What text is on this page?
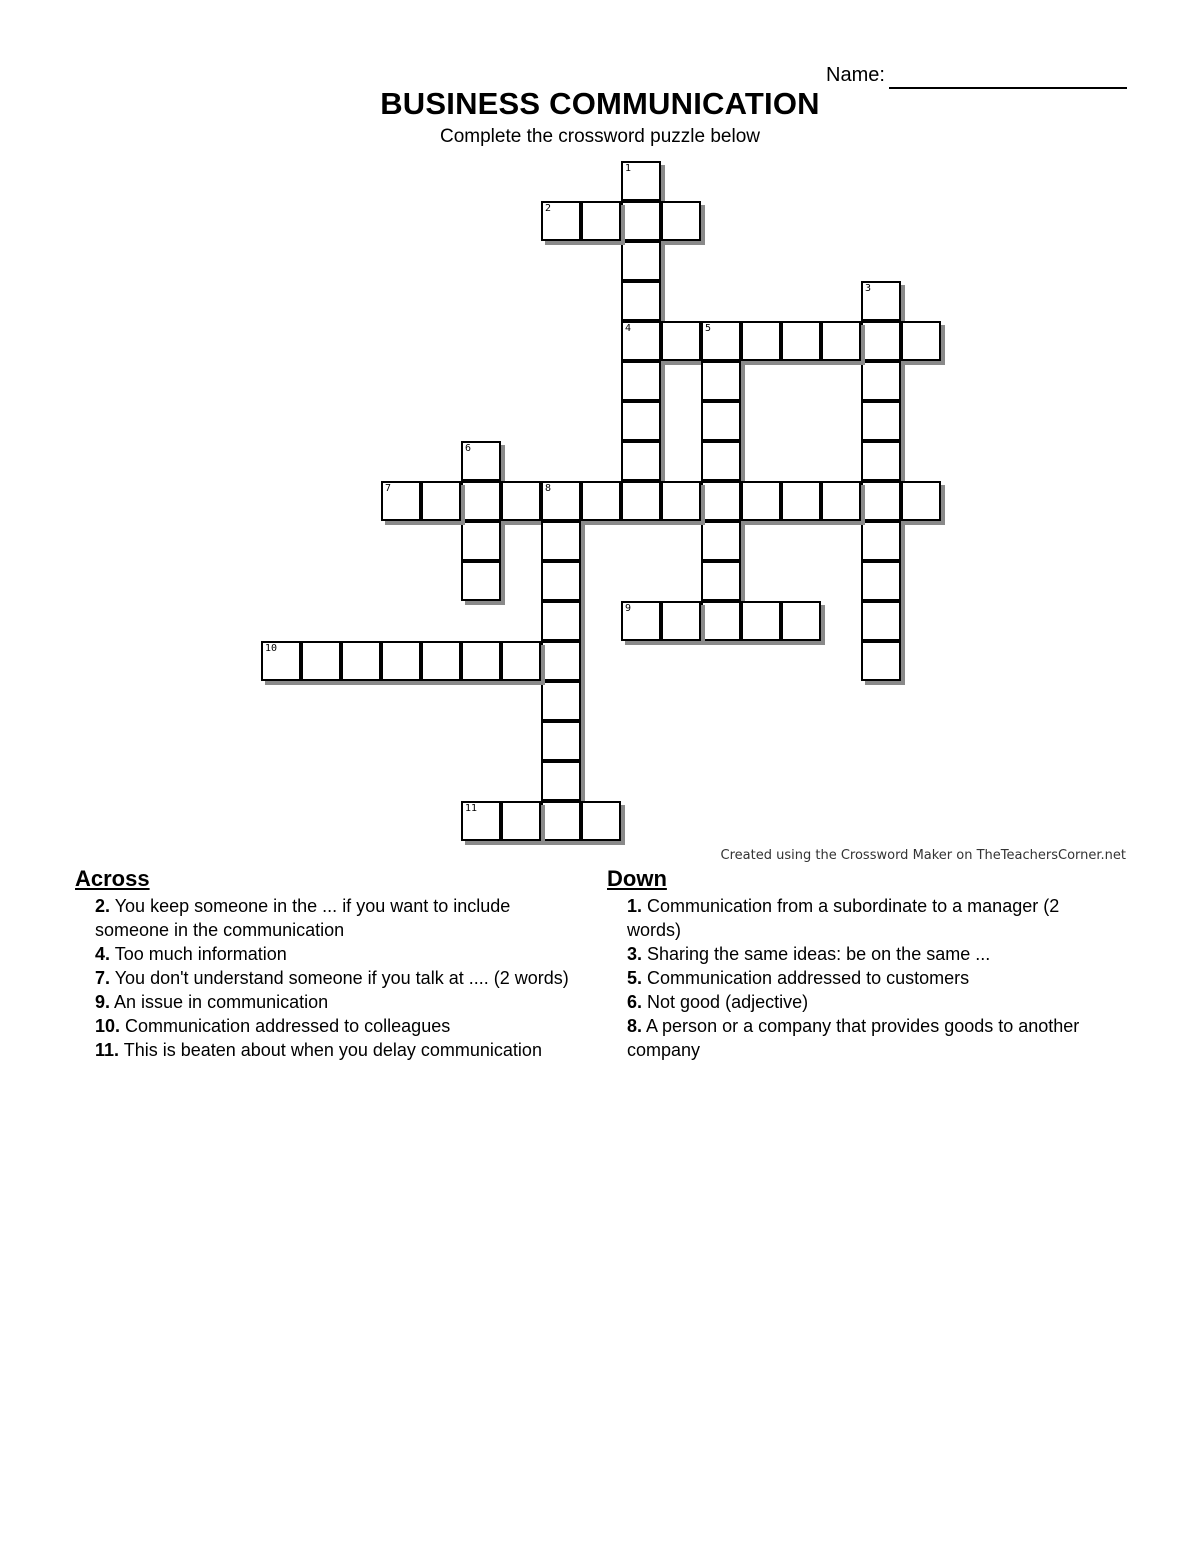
Name:
BUSINESS COMMUNICATION
Complete the crossword puzzle below
1
4
2
3
5
6
7	8
9
10
11
Created using the Crossword Maker on TheTeachersCorner.net
Across
2. You keep someone in the ... if you want to include someone in the communication
4. Too much information
7. You don't understand someone if you talk at .... (2 words)
9. An issue in communication
10. Communication addressed to colleagues
11. This is beaten about when you delay communication
Down
1. Communication from a subordinate to a manager (2 words)
3. Sharing the same ideas: be on the same ...
5. Communication addressed to customers
6. Not good (adjective)
8. A person or a company that provides goods to another company
